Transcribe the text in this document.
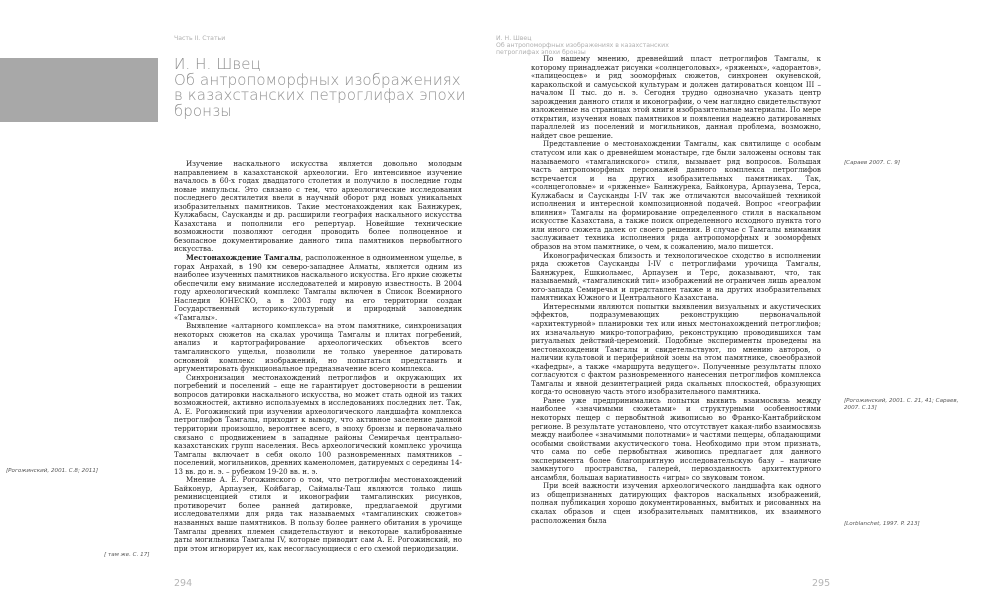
Часть II. Статьи
И. Н. Швец
Об антропоморфных изображениях
в казахстанских петроглифах эпохи
бронзы

Изучение наскального искусства является довольно молодым направлением в казахстанской археологии. Его интенсивное изучение началось в 60-х годах двадцатого столетия и получило в последние годы новые импульсы. Это связано с тем, что археологические исследования последнего десятилетия ввели в научный оборот ряд новых уникальных изобразительных памятников. Такие местонахождения как Баянжурек, Кулжабасы, Саусканды и др. расширили география наскального искусства Казахстана и пополнили его репертуар. Новейшие технические возможности позволяют сегодня проводить более полноценное и безопасное документирование данного типа памятников первобытного искусства.

Местонахождение Тамгалы, расположенное в одноименном ущелье, в горах Анрахай, в 190 км северо-западнее Алматы, является одним из наиболее изученных памятников наскального искусства. Его яркие сюжеты обеспечили ему внимание исследователей и мировую известность. В 2004 году археологический комплекс Тамгалы включен в Список Всемирного Наследия ЮНЕСКО, а в 2003 году на его территории создан Государственный историко-культурный и природный заповедник «Тамгалы».

Выявление «алтарного комплекса» на этом памятнике, синхронизация некоторых сюжетов на скалах урочища Тамгалы и плитах погребений, анализ и картографирование археологических объектов всего тамгалинского ущелья, позволили не только уверенное датировать основной комплекс изображений, но попытаться представить и аргументировать функциональное предназначение всего комплекса.

Синхронизация местонахождений петроглифов и окружающих их погребений и поселений – еще не гарантирует достоверности в решении вопросов датировки наскального искусства, но может стать одной из таких возможностей, активно используемых в исследованиях последних лет. Так, А. Е. Рогожинский при изучении археологического ландшафта комплекса петроглифов Тамгалы, приходит к выводу, что активное заселение данной территории произошло, вероятнее всего, в эпоху бронзы и первоначально связано с продвижением в западные районы Семиречья центрально-казахстанских групп населения. Весь археологический комплекс урочища Тамгалы включает в себя около 100 разновременных памятников – поселений, могильников, древних каменоломен, датируемых с середины 14-13 вв. до н. э. – рубежом 19-20 вв. н. э.

Мнение А. Е. Рогожинского о том, что петроглифы местонахождений Байконур, Арпаузен, Койбагар, Саймалы-Таш являются только лишь реминисценцией стиля и иконографии тамгалинских рисунков, противоречит более ранней датировке, предлагаемой другими исследователями для ряда так называемых «тамгалинских сюжетов» названных выше памятников. В пользу более раннего обитания в урочище Тамгалы древних племен свидетельствуют и некоторые калиброванные даты могильника Тамгалы IV, которые приводит сам А. Е. Рогожинский, но при этом игнорирует их, как несогласующиеся с его схемой периодизации.

[Рогожинский, 2001. С.8; 2011]
[ там же. С. 17]
294
И. Н. Швец
Об антропоморфных изображениях в казахстанских
петроглифах эпохи бронзы

По нашему мнению, древнейший пласт петроглифов Тамгалы, к которому принадлежат рисунки «солнцеголовых», «ряженых», «адорантов», «палицеосцев» и ряд зооморфных сюжетов, синхронен окуневской, каракольской и самусьской культурам и должен датироваться концом III – началом II тыс. до н. э. Сегодня трудно однозначно указать центр зарождения данного стиля и иконографии, о чем наглядно свидетельствуют изложенные на страницах этой книги изобразительные материалы. По мере открытия, изучения новых памятников и появления надежно датированных параллелей из поселений и могильников, данная проблема, возможно, найдет свое решение.

Представление о местонахождении Тамгалы, как святилище с особым статусом или как о древнейшем монастыре, где были заложены основы так называемого «тамгалинского» стиля, вызывает ряд вопросов. Большая часть антропоморфных персонажей данного комплекса петроглифов встречается и на других изобразительных памятниках. Так, «солнцеголовые» и «ряженые» Баянжурека, Байконура, Арпаузена, Терса, Кулжабасы и Саусканды I-IV так же отличаются высочайшей техникой исполнения и интересной композиционной подачей. Вопрос «географии влияния» Тамгалы на формирование определенного стиля в наскальном искусстве Казахстана, а также поиск определенного исходного пункта того или иного сюжета далек от своего решения. В случае с Тамгалы внимания заслуживает техника исполнения ряда антропоморфных и зооморфных образов на этом памятнике, о чем, к сожалению, мало пишется.

Иконографическая близость и технологическое сходство в исполнении ряда сюжетов Саусканды I-IV с петроглифами урочища Тамгалы, Баянжурек, Ешкиольмес, Арпаузен и Терс, доказывают, что, так называемый, «тамгалинский тип» изображений не ограничен лишь ареалом юго-запада Семиречья и представлен также и на других изобразительных памятниках Южного и Центрального Казахстана.

Интересными являются попытки выявления визуальных и акустических эффектов, подразумевающих реконструкцию первоначальной «архитектурной» планировки тех или иных местонахождений петроглифов; их изначальную микро-топографию, реконструкцию проводившихся там ритуальных действий-церемоний. Подобные эксперименты проведены на местонахождении Тамгалы и свидетельствуют, по мнению авторов, о наличии культовой и периферийной зоны на этом памятнике, своеобразной «кафедры», а также «маршрута ведущего». Полученные результаты плохо согласуются с фактом разновременного нанесения петроглифов комплекса Тамгалы и явной дезинтеграцией ряда скальных плоскостей, образующих когда-то основную часть этого изобразительного памятника.

Ранее уже предпринимались попытки выявить взаимосвязь между наиболее «значимыми сюжетами» и структурными особенностями некоторых пещер с первобытной живописью во Франко-Кантабрийском регионе. В результате установлено, что отсутствует какая-либо взаимосвязь между наиболее «значимыми полотнами» и частями пещеры, обладающими особыми свойствами акустического тона. Необходимо при этом признать, что сама по себе первобытная живопись предлагает для данного эксперимента более благоприятную исследовательскую базу – наличие замкнутого пространства, галерей, первозданность архитектурного ансамбля, большая вариативность «игры» со звуковым тоном.

При всей важности изучения археологического ландшафта как одного из общепризнанных датирующих факторов наскальных изображений, полная публикация хорошо документированных, выбитых и рисованных на скалах образов и сцен изобразительных памятников, их взаимного расположения была

[Сараев 2007. С. 9]
[Рогожинский, 2001. С. 21, 41; Сараев, 2007. С.13]
[Lorblanchet, 1997. P. 213]
295
